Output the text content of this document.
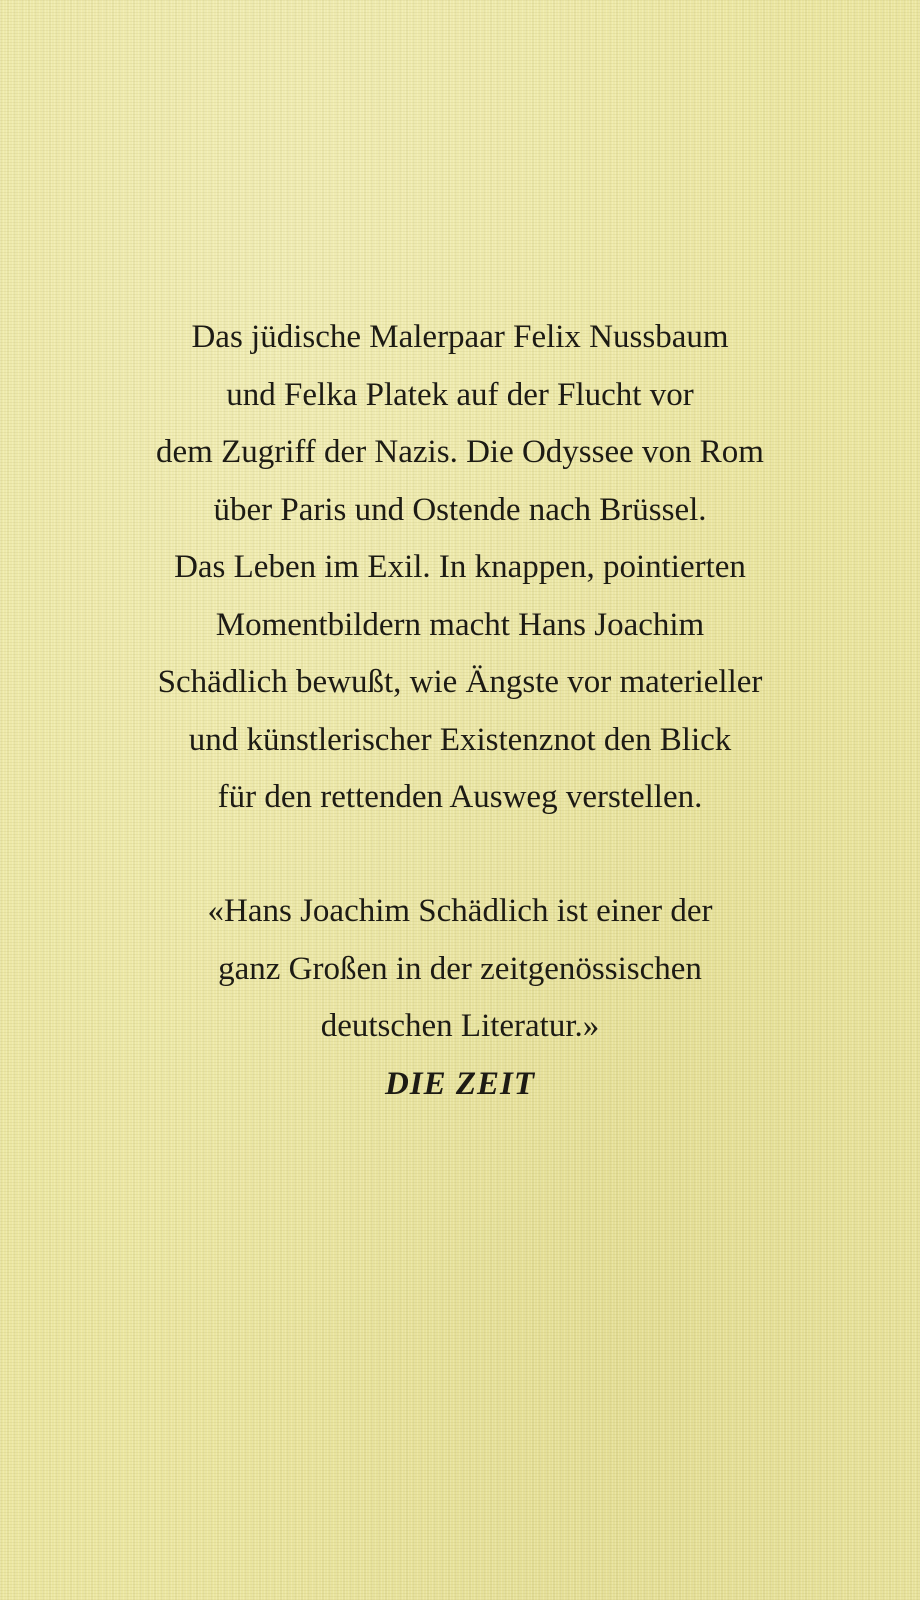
Das jüdische Malerpaar Felix Nussbaum
und Felka Platek auf der Flucht vor
dem Zugriff der Nazis. Die Odyssee von Rom
über Paris und Ostende nach Brüssel.
Das Leben im Exil. In knappen, pointierten
Momentbildern macht Hans Joachim
Schädlich bewußt, wie Ängste vor materieller
und künstlerischer Existenznot den Blick
für den rettenden Ausweg verstellen.
«Hans Joachim Schädlich ist einer der
ganz Großen in der zeitgenössischen
deutschen Literatur.»
DIE ZEIT
